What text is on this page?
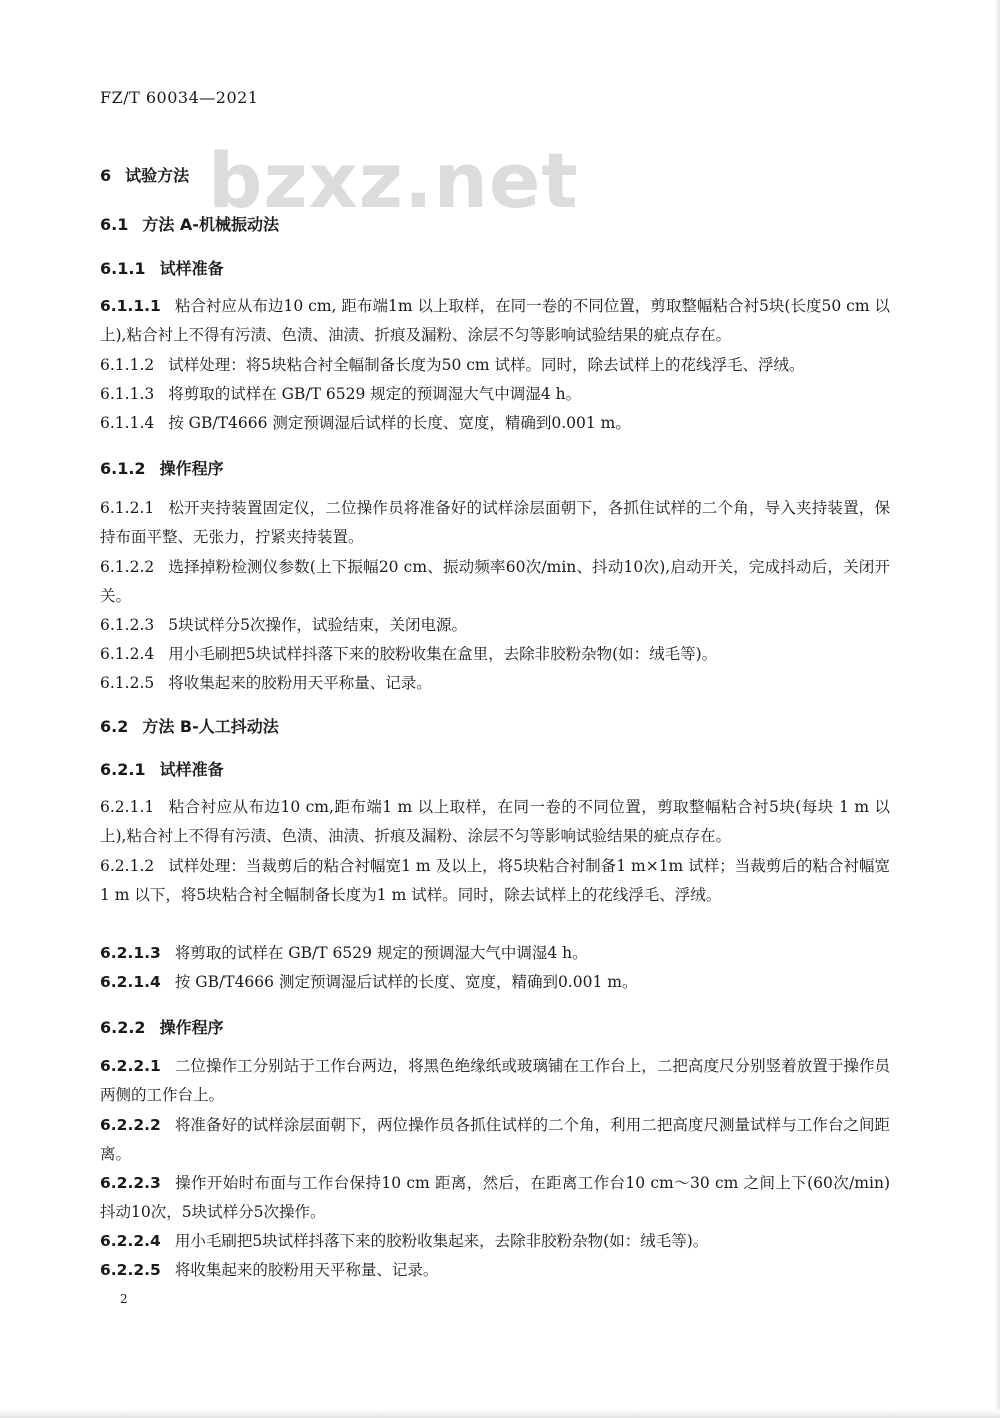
FZ/T 60034—2021
bzxz.net
6 试验方法
6.1 方法 A-机械振动法
6.1.1 试样准备
6.1.1.1 粘合衬应从布边10 cm, 距布端1m 以上取样，在同一卷的不同位置，剪取整幅粘合衬5块(长度50 cm 以上),粘合衬上不得有污渍、色渍、油渍、折痕及漏粉、涂层不匀等影响试验结果的疵点存在。
6.1.1.2 试样处理：将5块粘合衬全幅制备长度为50 cm 试样。同时，除去试样上的花线浮毛、浮绒。
6.1.1.3 将剪取的试样在 GB/T 6529 规定的预调湿大气中调湿4 h。
6.1.1.4 按 GB/T4666 测定预调湿后试样的长度、宽度，精确到0.001 m。
6.1.2 操作程序
6.1.2.1 松开夹持装置固定仪，二位操作员将准备好的试样涂层面朝下，各抓住试样的二个角，导入夹持装置，保持布面平整、无张力，拧紧夹持装置。
6.1.2.2 选择掉粉检测仪参数(上下振幅20 cm、振动频率60次/min、抖动10次),启动开关，完成抖动后，关闭开关。
6.1.2.3 5块试样分5次操作，试验结束，关闭电源。
6.1.2.4 用小毛刷把5块试样抖落下来的胶粉收集在盒里，去除非胶粉杂物(如：绒毛等)。
6.1.2.5 将收集起来的胶粉用天平称量、记录。
6.2 方法 B-人工抖动法
6.2.1 试样准备
6.2.1.1 粘合衬应从布边10 cm,距布端1 m 以上取样，在同一卷的不同位置，剪取整幅粘合衬5块(每块 1 m 以上),粘合衬上不得有污渍、色渍、油渍、折痕及漏粉、涂层不匀等影响试验结果的疵点存在。
6.2.1.2 试样处理：当裁剪后的粘合衬幅宽1 m 及以上，将5块粘合衬制备1 m×1m 试样；当裁剪后的粘合衬幅宽1 m 以下，将5块粘合衬全幅制备长度为1 m 试样。同时，除去试样上的花线浮毛、浮绒。
6.2.1.3 将剪取的试样在 GB/T 6529 规定的预调湿大气中调湿4 h。
6.2.1.4 按 GB/T4666 测定预调湿后试样的长度、宽度，精确到0.001 m。
6.2.2 操作程序
6.2.2.1 二位操作工分别站于工作台两边，将黑色绝缘纸或玻璃铺在工作台上，二把高度尺分别竖着放置于操作员两侧的工作台上。
6.2.2.2 将准备好的试样涂层面朝下，两位操作员各抓住试样的二个角，利用二把高度尺测量试样与工作台之间距离。
6.2.2.3 操作开始时布面与工作台保持10 cm 距离，然后，在距离工作台10 cm～30 cm 之间上下(60次/min) 抖动10次，5块试样分5次操作。
6.2.2.4 用小毛刷把5块试样抖落下来的胶粉收集起来，去除非胶粉杂物(如：绒毛等)。
6.2.2.5 将收集起来的胶粉用天平称量、记录。
2
